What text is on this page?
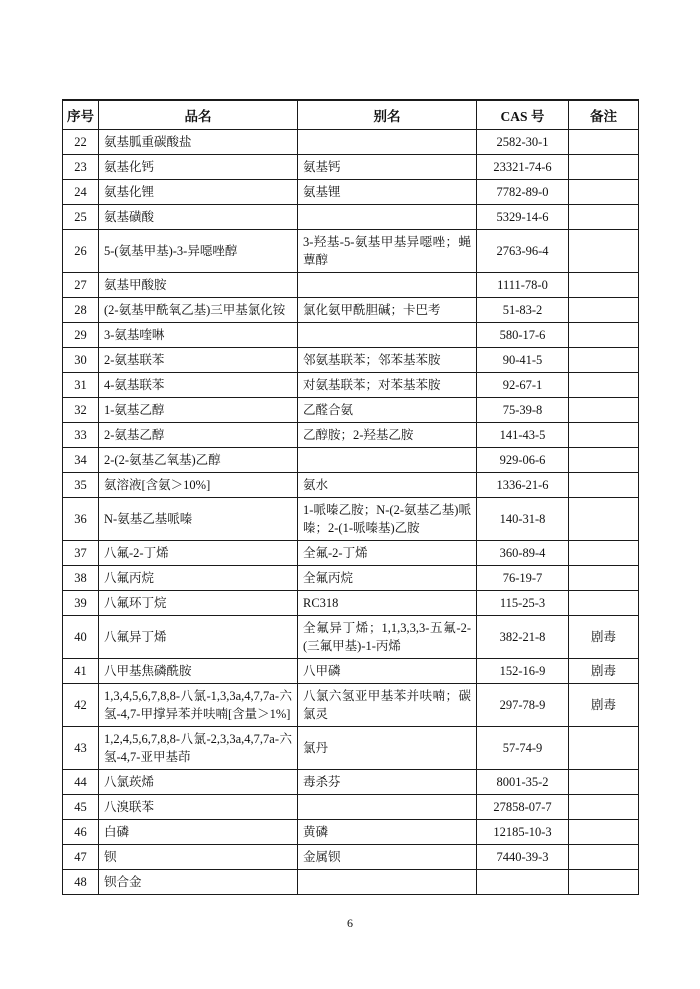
序号	品名	别名	CAS 号	备注
22	氨基胍重碳酸盐		2582-30-1	
23	氨基化钙	氨基钙	23321-74-6	
24	氨基化锂	氨基锂	7782-89-0	
25	氨基磺酸		5329-14-6	
26	5-(氨基甲基)-3-异噁唑醇	3-羟基-5-氨基甲基异噁唑；蝇蕈醇	2763-96-4	
27	氨基甲酸胺		1111-78-0	
28	(2-氨基甲酰氧乙基)三甲基氯化铵	氯化氨甲酰胆碱；卡巴考	51-83-2	
29	3-氨基喹啉		580-17-6	
30	2-氨基联苯	邻氨基联苯；邻苯基苯胺	90-41-5	
31	4-氨基联苯	对氨基联苯；对苯基苯胺	92-67-1	
32	1-氨基乙醇	乙醛合氨	75-39-8	
33	2-氨基乙醇	乙醇胺；2-羟基乙胺	141-43-5	
34	2-(2-氨基乙氧基)乙醇		929-06-6	
35	氨溶液[含氨＞10%]	氨水	1336-21-6	
36	N-氨基乙基哌嗪	1-哌嗪乙胺；N-(2-氨基乙基)哌嗪；2-(1-哌嗪基)乙胺	140-31-8	
37	八氟-2-丁烯	全氟-2-丁烯	360-89-4	
38	八氟丙烷	全氟丙烷	76-19-7	
39	八氟环丁烷	RC318	115-25-3	
40	八氟异丁烯	全氟异丁烯；1,1,3,3,3-五氟-2-(三氟甲基)-1-丙烯	382-21-8	剧毒
41	八甲基焦磷酰胺	八甲磷	152-16-9	剧毒
42	1,3,4,5,6,7,8,8-八氯-1,3,3a,4,7,7a-六氢-4,7-甲撑异苯并呋喃[含量＞1%]	八氯六氢亚甲基苯并呋喃；碳氯灵	297-78-9	剧毒
43	1,2,4,5,6,7,8,8-八氯-2,3,3a,4,7,7a-六氢-4,7-亚甲基茚	氯丹	57-74-9	
44	八氯莰烯	毒杀芬	8001-35-2	
45	八溴联苯		27858-07-7	
46	白磷	黄磷	12185-10-3	
47	钡	金属钡	7440-39-3	
48	钡合金			
6
